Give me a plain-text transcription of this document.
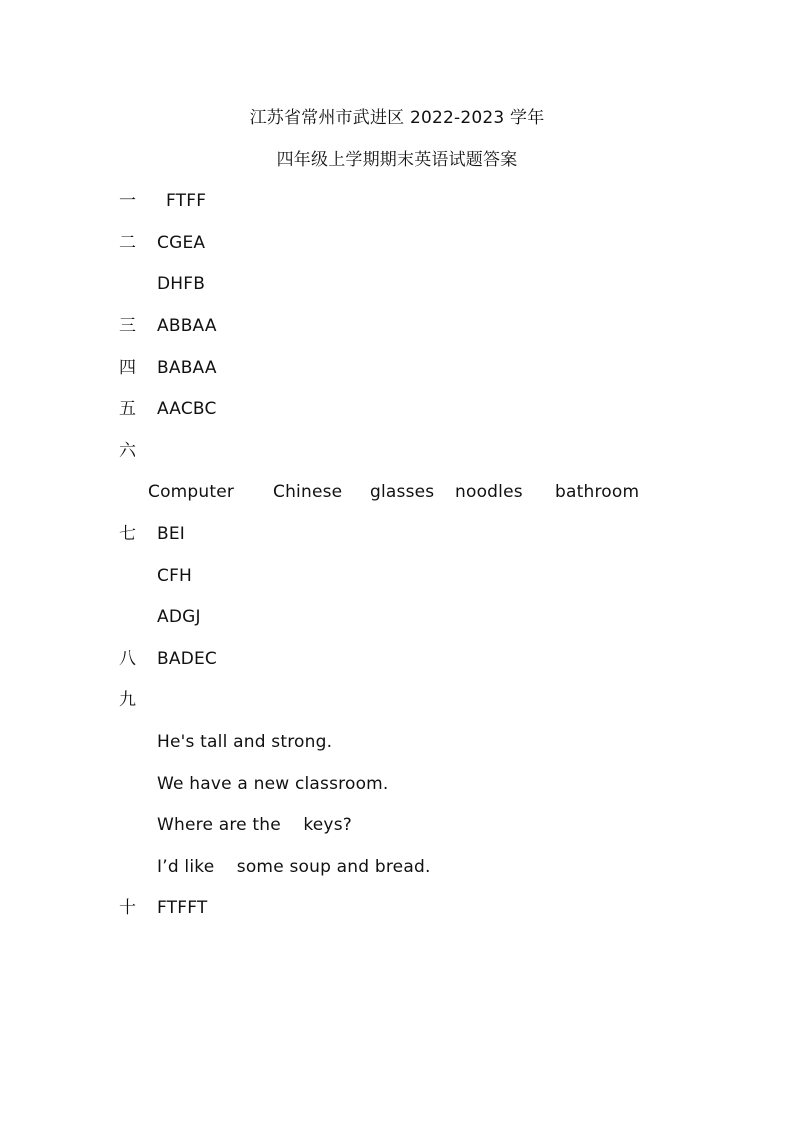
江苏省常州市武进区 2022-2023 学年
四年级上学期期末英语试题答案
一 FTFF
二 CGEA
DHFB
三 ABBAA
四 BABAA
五 AACBC
六
Computer Chinese glasses noodles bathroom
七 BEI
CFH
ADGJ
八 BADEC
九
He's tall and strong.
We have a new classroom.
Where are the    keys?
I’d like    some soup and bread.
十 FTFFT
